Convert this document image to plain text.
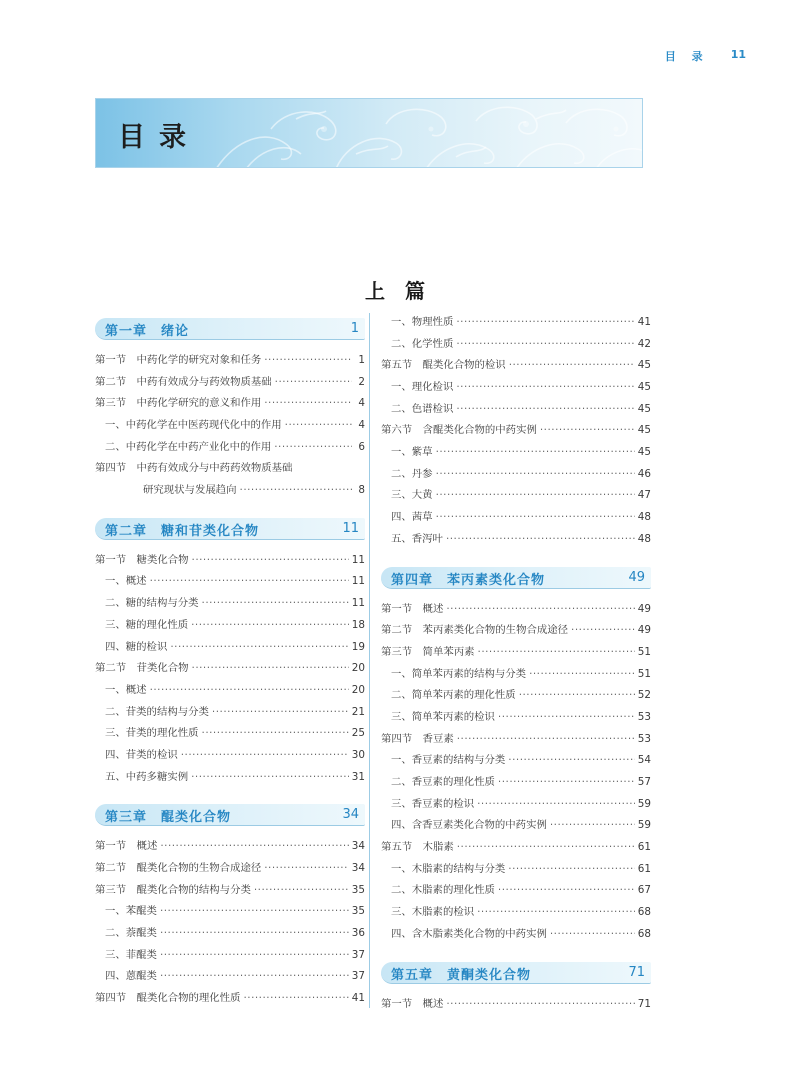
目 录 11
目录
上篇
第一章　绪论	1
第一节　中药化学的研究对象和任务 ·····	1
第二节　中药有效成分与药效物质基础 ·····	2
第三节　中药化学研究的意义和作用 ·····	4
一、中药化学在中医药现代化中的作用 ·····	4
二、中药化学在中药产业化中的作用 ·····	6
第四节　中药有效成分与中药药效物质基础
研究现状与发展趋向 ·····	8
第二章　糖和苷类化合物	11
第一节　糖类化合物 ·····	11
一、概述 ·····	11
二、糖的结构与分类 ·····	11
三、糖的理化性质 ·····	18
四、糖的检识 ·····	19
第二节　苷类化合物 ·····	20
一、概述 ·····	20
二、苷类的结构与分类 ·····	21
三、苷类的理化性质 ·····	25
四、苷类的检识 ·····	30
五、中药多糖实例 ·····	31
第三章　醌类化合物	34
第一节　概述 ·····	34
第二节　醌类化合物的生物合成途径 ·····	34
第三节　醌类化合物的结构与分类 ·····	35
一、苯醌类 ·····	35
二、萘醌类 ·····	36
三、菲醌类 ·····	37
四、蒽醌类 ·····	37
第四节　醌类化合物的理化性质 ·····	41
一、物理性质 ·····	41
二、化学性质 ·····	42
第五节　醌类化合物的检识 ·····	45
一、理化检识 ·····	45
二、色谱检识 ·····	45
第六节　含醌类化合物的中药实例 ·····	45
一、紫草 ·····	45
二、丹参 ·····	46
三、大黄 ·····	47
四、茜草 ·····	48
五、香泻叶 ·····	48
第四章　苯丙素类化合物	49
第一节　概述 ·····	49
第二节　苯丙素类化合物的生物合成途径 ·····	49
第三节　简单苯丙素 ·····	51
一、简单苯丙素的结构与分类 ·····	51
二、简单苯丙素的理化性质 ·····	52
三、简单苯丙素的检识 ·····	53
第四节　香豆素 ·····	53
一、香豆素的结构与分类 ·····	54
二、香豆素的理化性质 ·····	57
三、香豆素的检识 ·····	59
四、含香豆素类化合物的中药实例 ·····	59
第五节　木脂素 ·····	61
一、木脂素的结构与分类 ·····	61
二、木脂素的理化性质 ·····	67
三、木脂素的检识 ·····	68
四、含木脂素类化合物的中药实例 ·····	68
第五章　黄酮类化合物	71
第一节　概述 ·····	71
